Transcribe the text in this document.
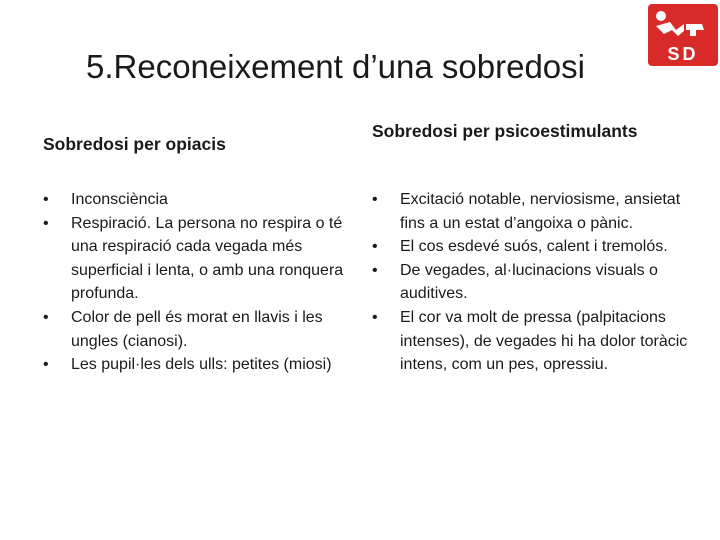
5.Reconeixement d’una sobredosi	SD
Sobredosi per opiacis
•	Inconsciència
•	Respiració. La persona no respira o té una respiració cada vegada més superficial i lenta, o amb una ronquera profunda.
•	Color de pell és morat en llavis i les ungles (cianosi).
•	Les pupil·les dels ulls: petites (miosi)
Sobredosi per psicoestimulants
•	Excitació notable, nerviosisme, ansietat fins a un estat d’angoixa o pànic.
•	El cos esdevé suós, calent i tremolós.
•	De vegades, al·lucinacions visuals o auditives.
•	El cor va molt de pressa (palpitacions intenses), de vegades hi ha dolor toràcic intens, com un pes, opressiu.
